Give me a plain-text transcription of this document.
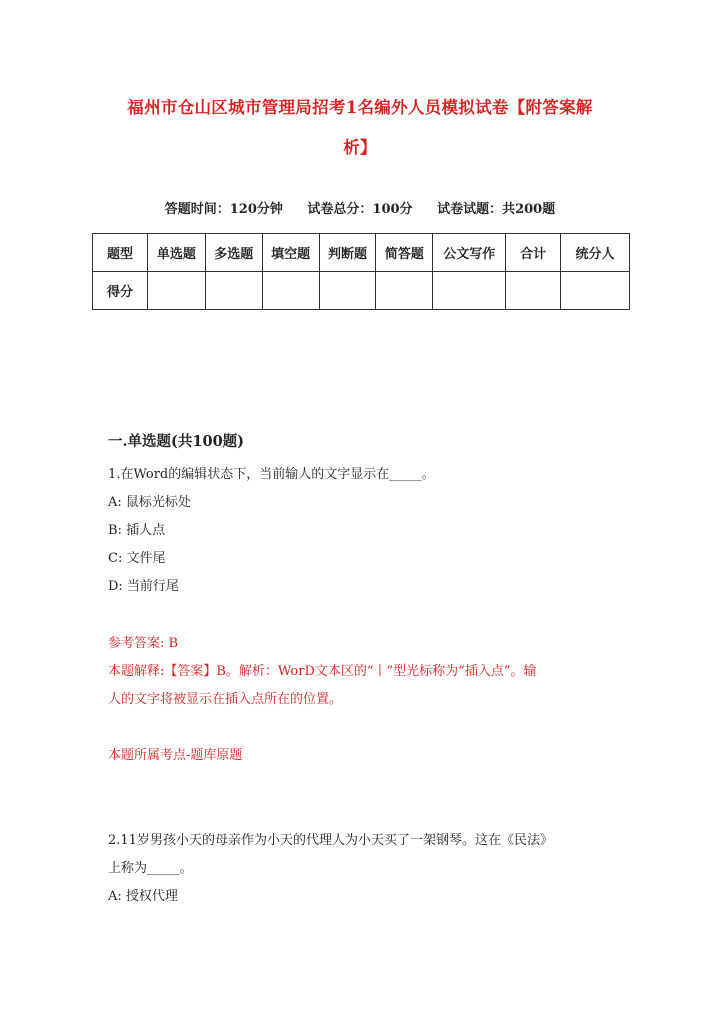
福州市仓山区城市管理局招考1名编外人员模拟试卷【附答案解
析】
答题时间：120分钟 试卷总分：100分 试卷试题：共200题
题型	单选题	多选题	填空题	判断题	简答题	公文写作	合计	统分人
得分								
一.单选题(共100题)
1.在Word的编辑状态下，当前输人的文字显示在_____。
A: 鼠标光标处
B: 插人点
C: 文件尾
D: 当前行尾
参考答案: B
本题解释:【答案】B。解析：WorD文本区的“丨”型光标称为“插入点”。输
人的文字将被显示在插入点所在的位置。
本题所属考点-题库原题
2.11岁男孩小天的母亲作为小天的代理人为小天买了一架钢琴。这在《民法》
上称为_____。
A: 授权代理
